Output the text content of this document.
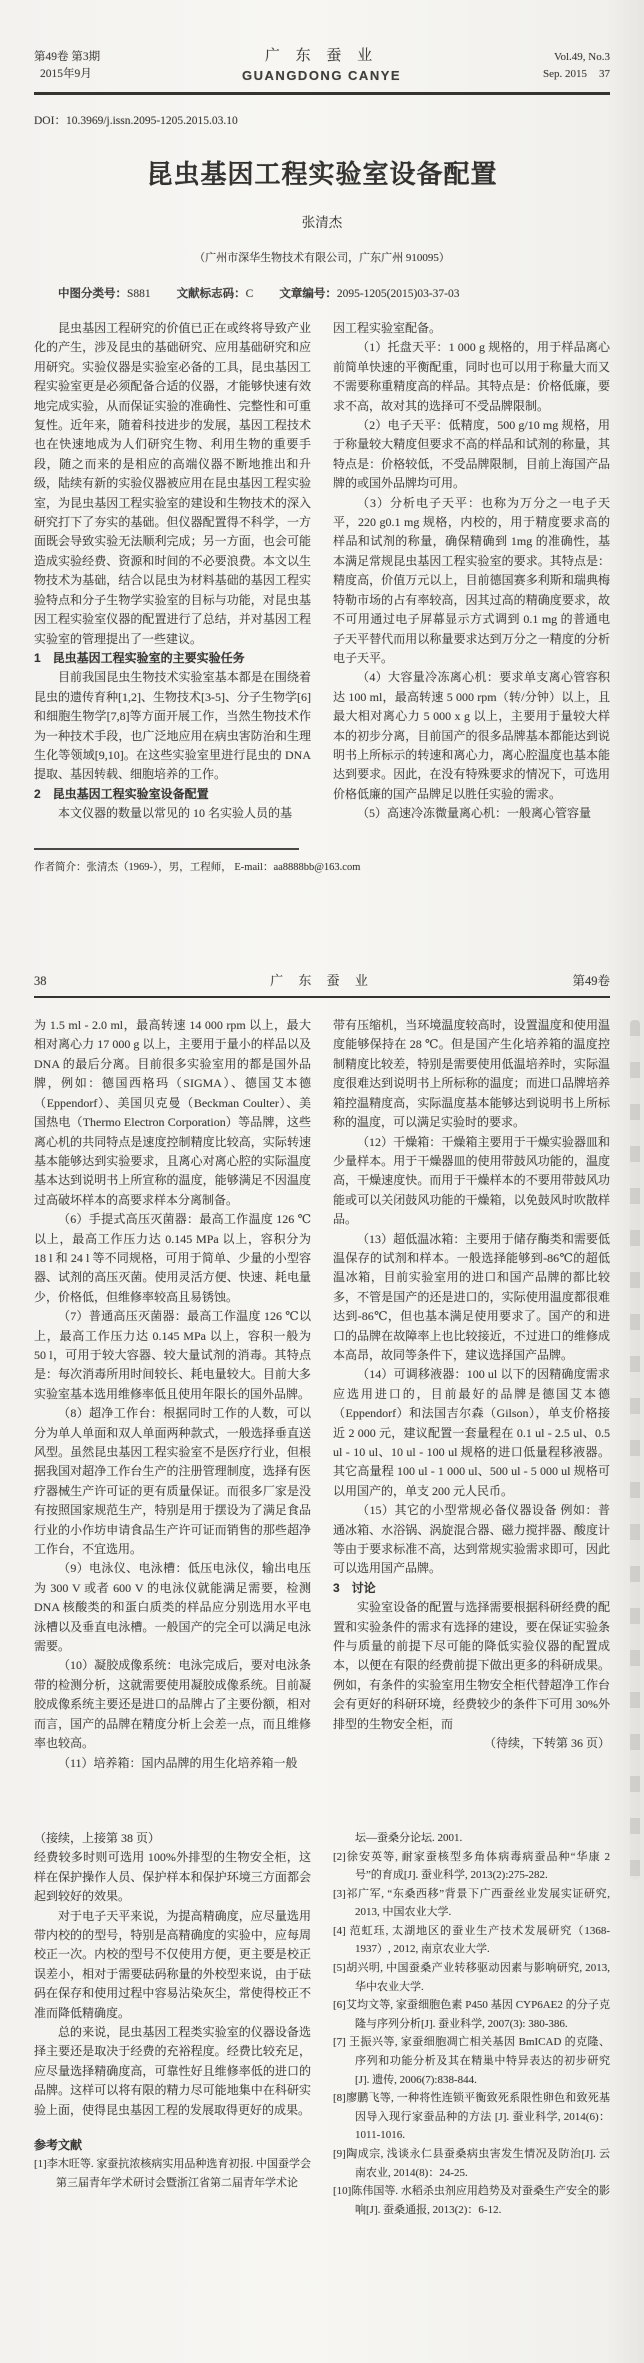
第49卷 第3期
2015年9月
广 东 蚕 业
GUANGDONG CANYE
Vol.49, No.3
Sep. 2015 37
DOI：10.3969/j.issn.2095-1205.2015.03.10
昆虫基因工程实验室设备配置
张清杰
（广州市深华生物技术有限公司，广东广州 910095）
中图分类号：S881 文献标志码：C 文章编号：2095-1205(2015)03-37-03

昆虫基因工程研究的价值已正在或终将导致产业化的产生，涉及昆虫的基础研究、应用基础研究和应用研究。实验仪器是实验室必备的工具，昆虫基因工程实验室更是必须配备合适的仪器，才能够快速有效地完成实验，从而保证实验的准确性、完整性和可重复性。近年来，随着科技进步的发展，基因工程技术也在快速地成为人们研究生物、利用生物的重要手段，随之而来的是相应的高端仪器不断地推出和升级，陆续有新的实验仪器被应用在昆虫基因工程实验室，为昆虫基因工程实验室的建设和生物技术的深入研究打下了夯实的基础。但仪器配置得不科学，一方面既会导致实验无法顺利完成；另一方面，也会可能造成实验经费、资源和时间的不必要浪费。本文以生物技术为基础，结合以昆虫为材料基础的基因工程实验特点和分子生物学实验室的目标与功能，对昆虫基因工程实验室仪器的配置进行了总结，并对基因工程实验室的管理提出了一些建议。

1　昆虫基因工程实验室的主要实验任务

目前我国昆虫生物技术实验室基本都是在围绕着昆虫的遗传育种[1,2]、生物技术[3-5]、分子生物学[6]和细胞生物学[7,8]等方面开展工作，当然生物技术作为一种技术手段，也广泛地应用在病虫害防治和生理生化等领域[9,10]。在这些实验室里进行昆虫的 DNA 提取、基因转载、细胞培养的工作。

2　昆虫基因工程实验室设备配置

本文仪器的数量以常见的 10 名实验人员的基

因工程实验室配备。

（1）托盘天平：1 000 g 规格的，用于样品离心前简单快速的平衡配重，同时也可以用于称量大而又不需要称重精度高的样品。其特点是：价格低廉，要求不高，故对其的选择可不受品牌限制。

（2）电子天平：低精度，500 g/10 mg 规格，用于称量较大精度但要求不高的样品和试剂的称量，其特点是：价格较低，不受品牌限制，目前上海国产品牌的或国外品牌均可用。

（3）分析电子天平：也称为万分之一电子天平，220 g0.1 mg 规格，内校的，用于精度要求高的样品和试剂的称量，确保精确到 1mg 的准确性，基本满足常规昆虫基因工程实验室的要求。其特点是：精度高，价值万元以上，目前德国赛多利斯和瑞典梅特勒市场的占有率较高，因其过高的精确度要求，故不可用通过电子屏幕显示方式调到 0.1 mg 的普通电子天平替代而用以称量要求达到万分之一精度的分析电子天平。

（4）大容量冷冻离心机：要求单支离心管容积达 100 ml，最高转速 5 000 rpm（转/分钟）以上，且最大相对离心力 5 000 x g 以上，主要用于量较大样本的初步分离，目前国产的很多品牌基本都能达到说明书上所标示的转速和离心力，离心腔温度也基本能达到要求。因此，在没有特殊要求的情况下，可选用价格低廉的国产品牌足以胜任实验的需求。

（5）高速冷冻微量离心机：一般离心管容量

作者简介：张清杰（1969-），男，工程师， E-mail：aa8888bb@163.com
38	广 东 蚕 业	第49卷

为 1.5 ml - 2.0 ml，最高转速 14 000 rpm 以上，最大相对离心力 17 000 g 以上，主要用于量小的样品以及 DNA 的最后分离。目前很多实验室用的都是国外品牌，例如：德国西格玛（SIGMA）、德国艾本德（Eppendorf）、美国贝克曼（Beckman Coulter）、美国热电（Thermo Electron Corporation）等品牌，这些离心机的共同特点是速度控制精度比较高，实际转速基本能够达到实验要求，且离心对离心腔的实际温度基本达到说明书上所宣称的温度，能够满足不因温度过高破坏样本的高要求样本分离制备。

（6）手提式高压灭菌器：最高工作温度 126 ℃以上，最高工作压力达 0.145 MPa 以上，容积分为 18 l 和 24 l 等不同规格，可用于简单、少量的小型容器、试剂的高压灭菌。使用灵活方便、快速、耗电量少，价格低，但维修率较高且易锈蚀。

（7）普通高压灭菌器：最高工作温度 126 ℃以上，最高工作压力达 0.145 MPa 以上，容积一般为 50 l，可用于较大容器、较大量试剂的消毒。其特点是：每次消毒所用时间较长、耗电量较大。目前大多实验室基本选用维修率低且使用年限长的国外品牌。

（8）超净工作台：根据同时工作的人数，可以分为单人单面和双人单面两种款式，一般选择垂直送风型。虽然昆虫基因工程实验室不是医疗行业，但根据我国对超净工作台生产的注册管理制度，选择有医疗器械生产许可证的更有质量保证。而很多厂家是没有按照国家规范生产，特别是用于摆设为了满足食品行业的小作坊申请食品生产许可证而销售的那些超净工作台，不宜选用。

（9）电泳仪、电泳槽：低压电泳仪，输出电压为 300 V 或者 600 V 的电泳仪就能满足需要，检测 DNA 核酸类的和蛋白质类的样品应分别选用水平电泳槽以及垂直电泳槽。一般国产的完全可以满足电泳需要。

（10）凝胶成像系统：电泳完成后，要对电泳条带的检测分析，这就需要使用凝胶成像系统。目前凝胶成像系统主要还是进口的品牌占了主要份额，相对而言，国产的品牌在精度分析上会差一点，而且维修率也较高。

（11）培养箱：国内品牌的用生化培养箱一般

带有压缩机，当环境温度较高时，设置温度和使用温度能够保持在 28 ℃。但是国产生化培养箱的温度控制精度比较差，特别是需要使用低温培养时，实际温度很难达到说明书上所标称的温度；而进口品牌培养箱控温精度高，实际温度基本能够达到说明书上所标称的温度，可以满足实验时的要求。

（12）干燥箱：干燥箱主要用于干燥实验器皿和少量样本。用于干燥器皿的使用带鼓风功能的，温度高，干燥速度快。而用于干燥样本的不要用带鼓风功能或可以关闭鼓风功能的干燥箱，以免鼓风时吹散样品。

（13）超低温冰箱：主要用于储存酶类和需要低温保存的试剂和样本。一般选择能够到-86℃的超低温冰箱，目前实验室用的进口和国产品牌的都比较多，不管是国产的还是进口的，实际使用温度都很难达到-86℃，但也基本满足使用要求了。国产的和进口的品牌在故障率上也比较接近，不过进口的维修成本高昂，故同等条件下，建议选择国产品牌。

（14）可调移液器：100 ul 以下的因精确度需求应选用进口的，目前最好的品牌是德国艾本德（Eppendorf）和法国吉尔森（Gilson），单支价格接近 2 000 元，建议配置一套量程在 0.1 ul - 2.5 ul、0.5 ul - 10 ul、10 ul - 100 ul 规格的进口低量程移液器。其它高量程 100 ul - 1 000 ul、500 ul - 5 000 ul 规格可以用国产的，单支 200 元人民币。

（15）其它的小型常规必备仪器设备 例如：普通冰箱、水浴锅、涡旋混合器、磁力搅拌器、酸度计等由于要求标准不高，达到常规实验需求即可，因此可以选用国产品牌。

3　讨论

实验室设备的配置与选择需要根据科研经费的配置和实验条件的需求有选择的建设，要在保证实验条件与质量的前提下尽可能的降低实验仪器的配置成本，以便在有限的经费前提下做出更多的科研成果。例如，有条件的实验室用生物安全柜代替超净工作台会有更好的科研环境，经费较少的条件下可用 30%外排型的生物安全柜，而

（待续，下转第 36 页）

（接续，上接第 38 页）

经费较多时则可选用 100%外排型的生物安全柜，这样在保护操作人员、保护样本和保护环境三方面都会起到较好的效果。

对于电子天平来说，为提高精确度，应尽量选用带内校的的型号，特别是高精确度的实验中，应每周校正一次。内校的型号不仅使用方便，更主要是校正误差小，相对于需要砝码称量的外校型来说，由于砝码在保存和使用过程中容易沾染灰尘，常使得校正不准而降低精确度。

总的来说，昆虫基因工程类实验室的仪器设备选择主要还是取决于经费的充裕程度。经费比较充足，应尽量选择精确度高，可靠性好且维修率低的进口的品牌。这样可以将有限的精力尽可能地集中在科研实验上面，使得昆虫基因工程的发展取得更好的成果。

参考文献

[1]李木旺等. 家蚕抗浓核病实用品种选育初报. 中国蚕学会第三届青年学术研讨会暨浙江省第二届青年学术论

坛—蚕桑分论坛. 2001.

[2]徐安英等, 耐家蚕核型多角体病毒病蚕品种“华康 2 号”的育成[J]. 蚕业科学, 2013(2):275-282.

[3]祁广军, “东桑西移”背景下广西蚕丝业发展实证研究, 2013, 中国农业大学.

[4] 范虹珏, 太湖地区的蚕业生产技术发展研究（1368-1937）, 2012, 南京农业大学.

[5]胡兴明, 中国蚕桑产业转移驱动因素与影响研究, 2013, 华中农业大学.

[6]艾均文等, 家蚕细胞色素 P450 基因 CYP6AE2 的分子克隆与序列分析[J]. 蚕业科学, 2007(3): 380-386.

[7] 王振兴等, 家蚕细胞凋亡相关基因 BmICAD 的克隆、序列和功能分析及其在精巢中特异表达的初步研究[J]. 遗传, 2006(7):838-844.

[8]廖鹏飞等, 一种将性连锁平衡致死系限性卵色和致死基因导入现行家蚕品种的方法 [J]. 蚕业科学, 2014(6)：1011-1016.

[9]陶成宗, 浅谈永仁县蚕桑病虫害发生情况及防治[J]. 云南农业, 2014(8)：24-25.

[10]陈伟国等. 水稻杀虫剂应用趋势及对蚕桑生产安全的影响[J]. 蚕桑通报, 2013(2)：6-12.
